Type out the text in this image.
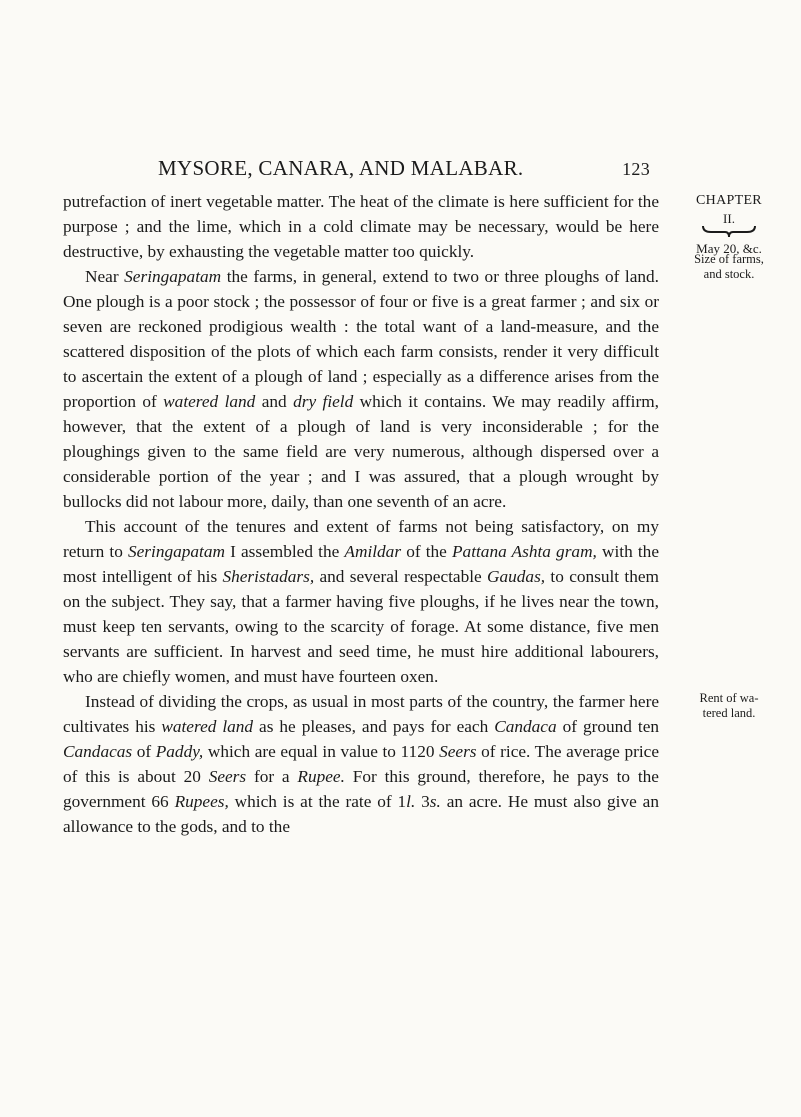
MYSORE, CANARA, AND MALABAR.	123

putrefaction of inert vegetable matter. The heat of the climate is here sufficient for the purpose ; and the lime, which in a cold climate may be necessary, would be here destructive, by exhausting the vegetable matter too quickly.

Near Seringapatam the farms, in general, extend to two or three ploughs of land. One plough is a poor stock ; the possessor of four or five is a great farmer ; and six or seven are reckoned prodigious wealth : the total want of a land-measure, and the scattered disposition of the plots of which each farm consists, render it very difficult to ascertain the extent of a plough of land ; especially as a difference arises from the proportion of watered land and dry field which it contains. We may readily affirm, however, that the extent of a plough of land is very inconsiderable ; for the ploughings given to the same field are very numerous, although dispersed over a considerable portion of the year ; and I was assured, that a plough wrought by bullocks did not labour more, daily, than one seventh of an acre.

This account of the tenures and extent of farms not being satisfactory, on my return to Seringapatam I assembled the Amildar of the Pattana Ashta gram, with the most intelligent of his Sheristadars, and several respectable Gaudas, to consult them on the subject. They say, that a farmer having five ploughs, if he lives near the town, must keep ten servants, owing to the scarcity of forage. At some distance, five men servants are sufficient. In harvest and seed time, he must hire additional labourers, who are chiefly women, and must have fourteen oxen.

Instead of dividing the crops, as usual in most parts of the country, the farmer here cultivates his watered land as he pleases, and pays for each Candaca of ground ten Candacas of Paddy, which are equal in value to 1120 Seers of rice. The average price of this is about 20 Seers for a Rupee. For this ground, therefore, he pays to the government 66 Rupees, which is at the rate of 1l. 3s. an acre. He must also give an allowance to the gods, and to the

CHAPTER
II.
May 20, &c.
Size of farms,
and stock.
Rent of wa-
tered land.
